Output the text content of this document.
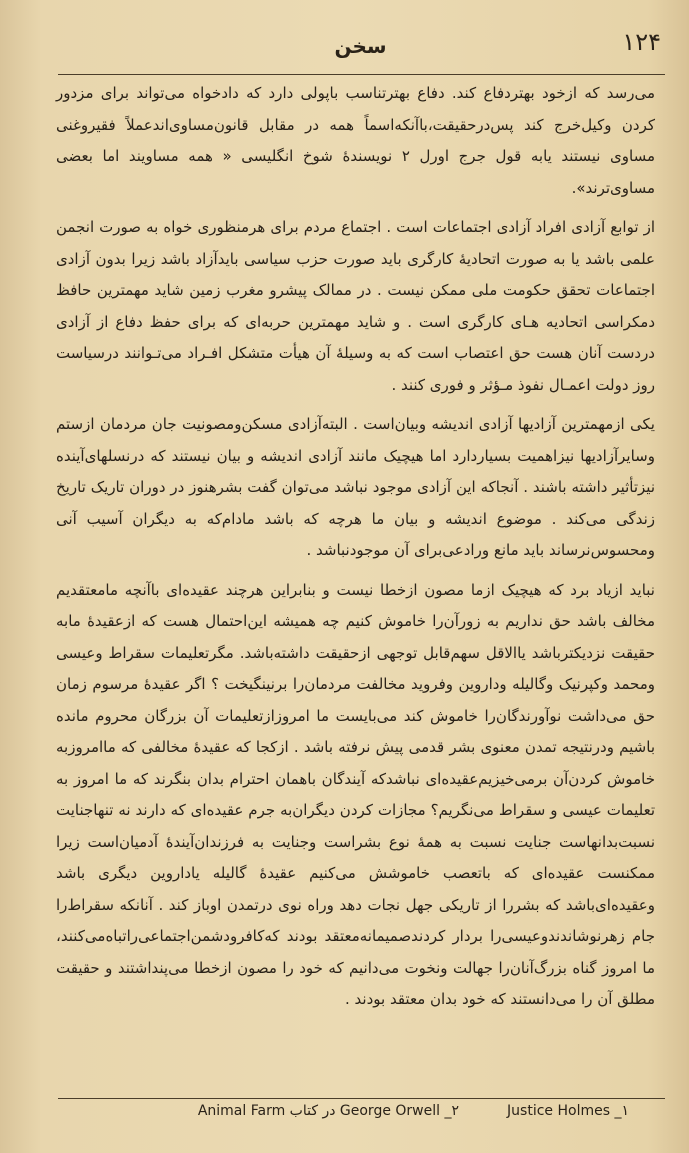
۱۲۴
سخن

می‌رسد که ازخود بهتردفاع کند. دفاع بهترتناسب باپولی دارد که دادخواه می‌تواند برای مزدور کردن وکیل‌خرج کند پس‌درحقیقت،باآنکه‌اسماً همه در مقابل قانون‌مساوی‌اندعملاً فقیروغنی مساوی نیستند یابه قول جرج اورل ۲ نویسندهٔ شوخ انگلیسی « همه مساویند اما بعضی مساوی‌ترند».

از توابع آزادی افراد آزادی اجتماعات است . اجتماع مردم برای هرمنظوری خواه به صورت انجمن علمی باشد یا به صورت اتحادیهٔ کارگری باید صورت حزب سیاسی بایدآزاد باشد زیرا بدون آزادی اجتماعات تحقق حکومت ملی ممکن نیست . در ممالک پیشرو مغرب زمین شاید مهمترین حافظ دمکراسی اتحادیه هـای کارگری است . و شاید مهمترین حربه‌ای که برای حفظ دفاع از آزادی دردست آنان هست حق اعتصاب است که به وسیلهٔ آن هیأت متشکل افـراد می‌تـوانند درسیاست روز دولت اعمـال نفوذ مـؤثر و فوری کنند .

یکی ازمهمترین آزادیها آزادی اندیشه وبیان‌است . البته‌آزادی مسکن‌ومصونیت جان مردمان ازستم وسایرآزادیها نیزاهمیت بسیاردارد اما هیچیک مانند آزادی اندیشه و بیان نیستند که درنسلهای‌آینده نیزتأثیر داشته باشند . آنجاکه این آزادی موجود نباشد می‌توان گفت بشرهنوز در دوران تاریک تاریخ زندگی می‌کند . موضوع اندیشه و بیان ما هرچه که باشد مادام‌که به دیگران آسیب آنی ومحسوس‌نرساند باید مانع ورادعی‌برای آن موجودنباشد .

نباید ازیاد برد که هیچیک ازما مصون ازخطا نیست و بنابراین هرچند عقیده‌ای باآنچه مامعتقدیم مخالف باشد حق نداریم به زورآن‌را خاموش کنیم چه همیشه این‌احتمال هست که ازعقیدهٔ مابه حقیقت نزدیکترباشد یاالاقل سهم‌قابل توجهی ازحقیقت داشته‌باشد. مگرتعلیمات سقراط وعیسی ومحمد وکپرنیک وگالیله وداروین وفروید مخالفت مردمان‌را برنینگیخت ؟ اگر عقیدهٔ مرسوم زمان حق می‌داشت نوآورندگان‌را خاموش کند می‌بایست ما امروزازتعلیمات آن بزرگان محروم مانده باشیم ودرنتیجه تمدن معنوی بشر قدمی پیش نرفته باشد . ازکجا که عقیدهٔ مخالفی که ماامروزبه خاموش کردن‌آن برمی‌خیزیم‌عقیده‌ای نباشدکه آیندگان باهمان احترام بدان بنگرند که ما امروز به تعلیمات عیسی و سقراط می‌نگریم؟ مجازات کردن دیگران‌به جرم عقیده‌ای که دارند نه تنهاجنایت نسبت‌بدانهاست جنایت نسبت به همهٔ نوع بشراست وجنایت به فرزندان‌آیندهٔ آدمیان‌است زیرا ممکنست عقیده‌ای که باتعصب خاموشش می‌کنیم عقیدهٔ گالیله یاداروین دیگری باشد وعقیده‌ای‌باشد که بشررا از تاریکی جهل نجات دهد وراه نوی درتمدن اوباز کند . آنانکه سقراط‌را جام زهرنوشاندندوعیسی‌را بردار کردندصمیمانه‌معتقد بودند که‌کافرودشمن‌اجتماعی‌راتباه‌می‌کنند، ما امروز گناه بزرگ‌آنان‌را جهالت ونخوت می‌دانیم که خود را مصون ازخطا می‌پنداشتند و حقیقت مطلق آن را می‌دانستند که خود بدان معتقد بودند .

۱_ Justice Holmes
۲_ George Orwell در کتاب Animal Farm
